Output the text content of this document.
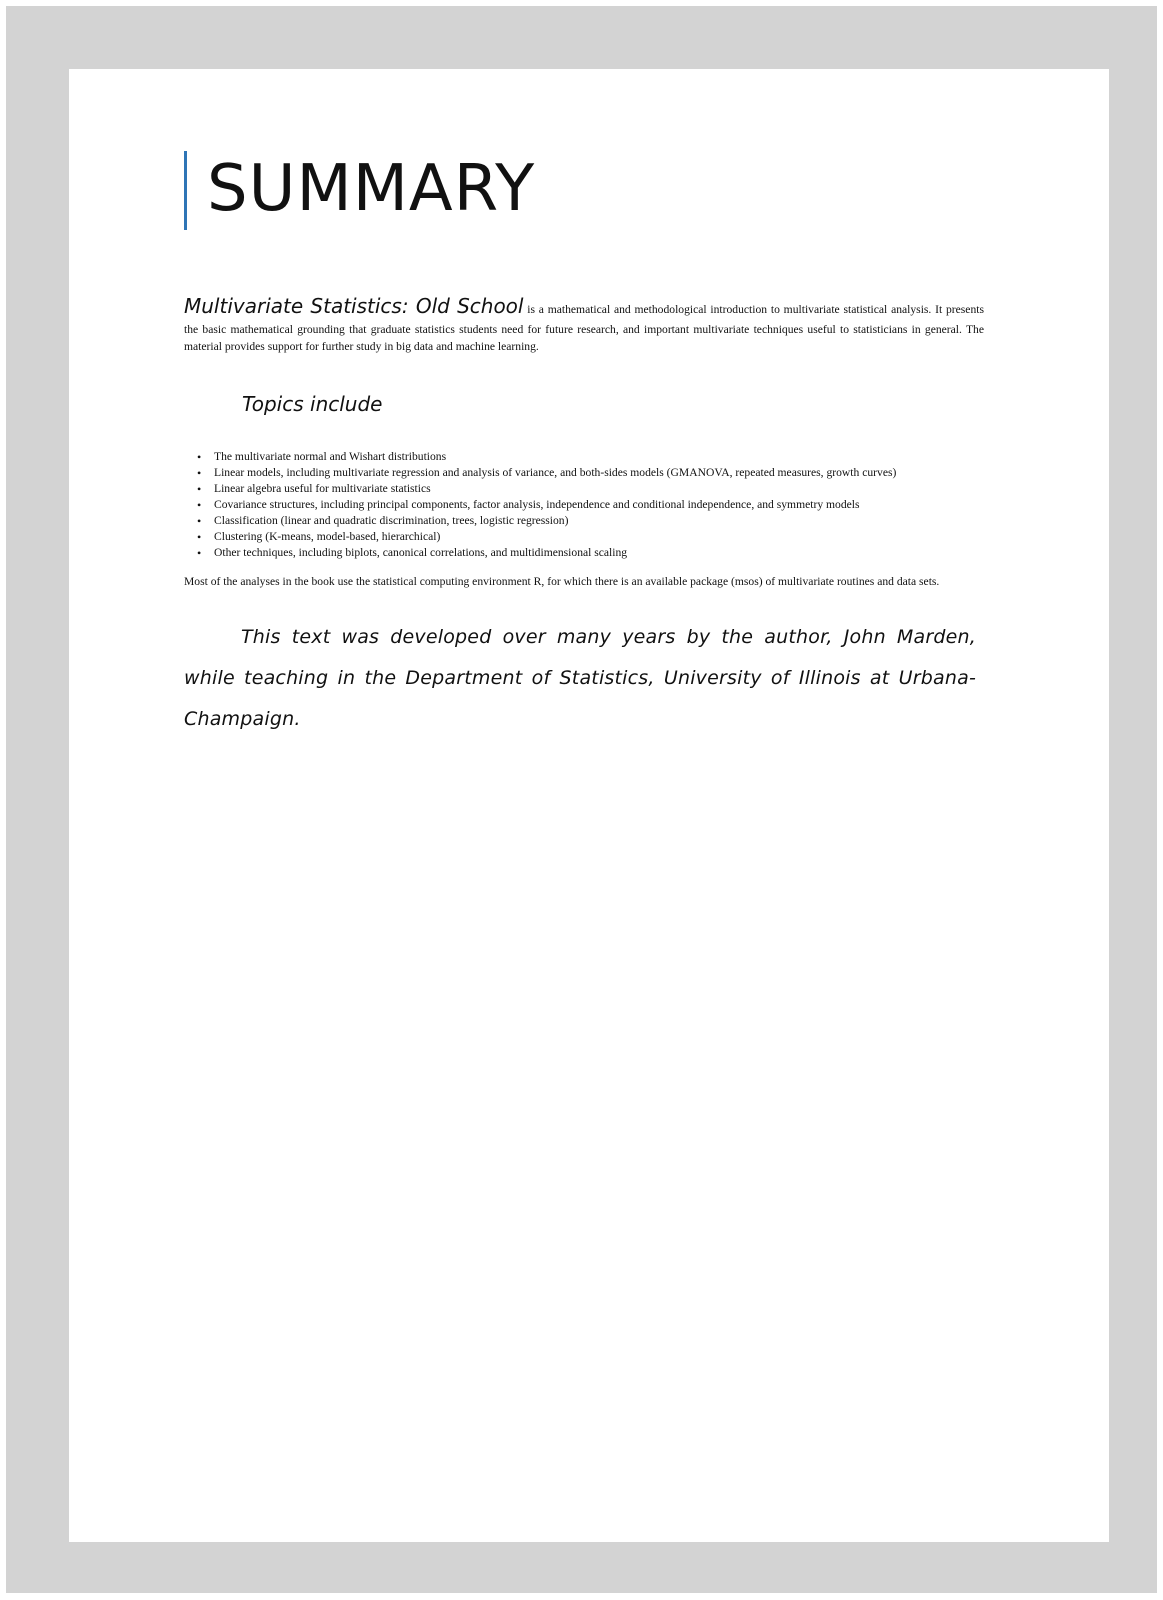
SUMMARY

Multivariate Statistics: Old School is a mathematical and methodological introduction to multivariate statistical analysis. It presents the basic mathematical grounding that graduate statistics students need for future research, and important multivariate techniques useful to statisticians in general. The material provides support for further study in big data and machine learning.

Topics include
• The multivariate normal and Wishart distributions
• Linear models, including multivariate regression and analysis of variance, and both-sides models (GMANOVA, repeated measures, growth curves)
• Linear algebra useful for multivariate statistics
• Covariance structures, including principal components, factor analysis, independence and conditional independence, and symmetry models
• Classification (linear and quadratic discrimination, trees, logistic regression)
• Clustering (K-means, model-based, hierarchical)
• Other techniques, including biplots, canonical correlations, and multidimensional scaling

Most of the analyses in the book use the statistical computing environment R, for which there is an available package (msos) of multivariate routines and data sets.

This text was developed over many years by the author, John Marden, while teaching in the Department of Statistics, University of Illinois at Urbana-Champaign.
